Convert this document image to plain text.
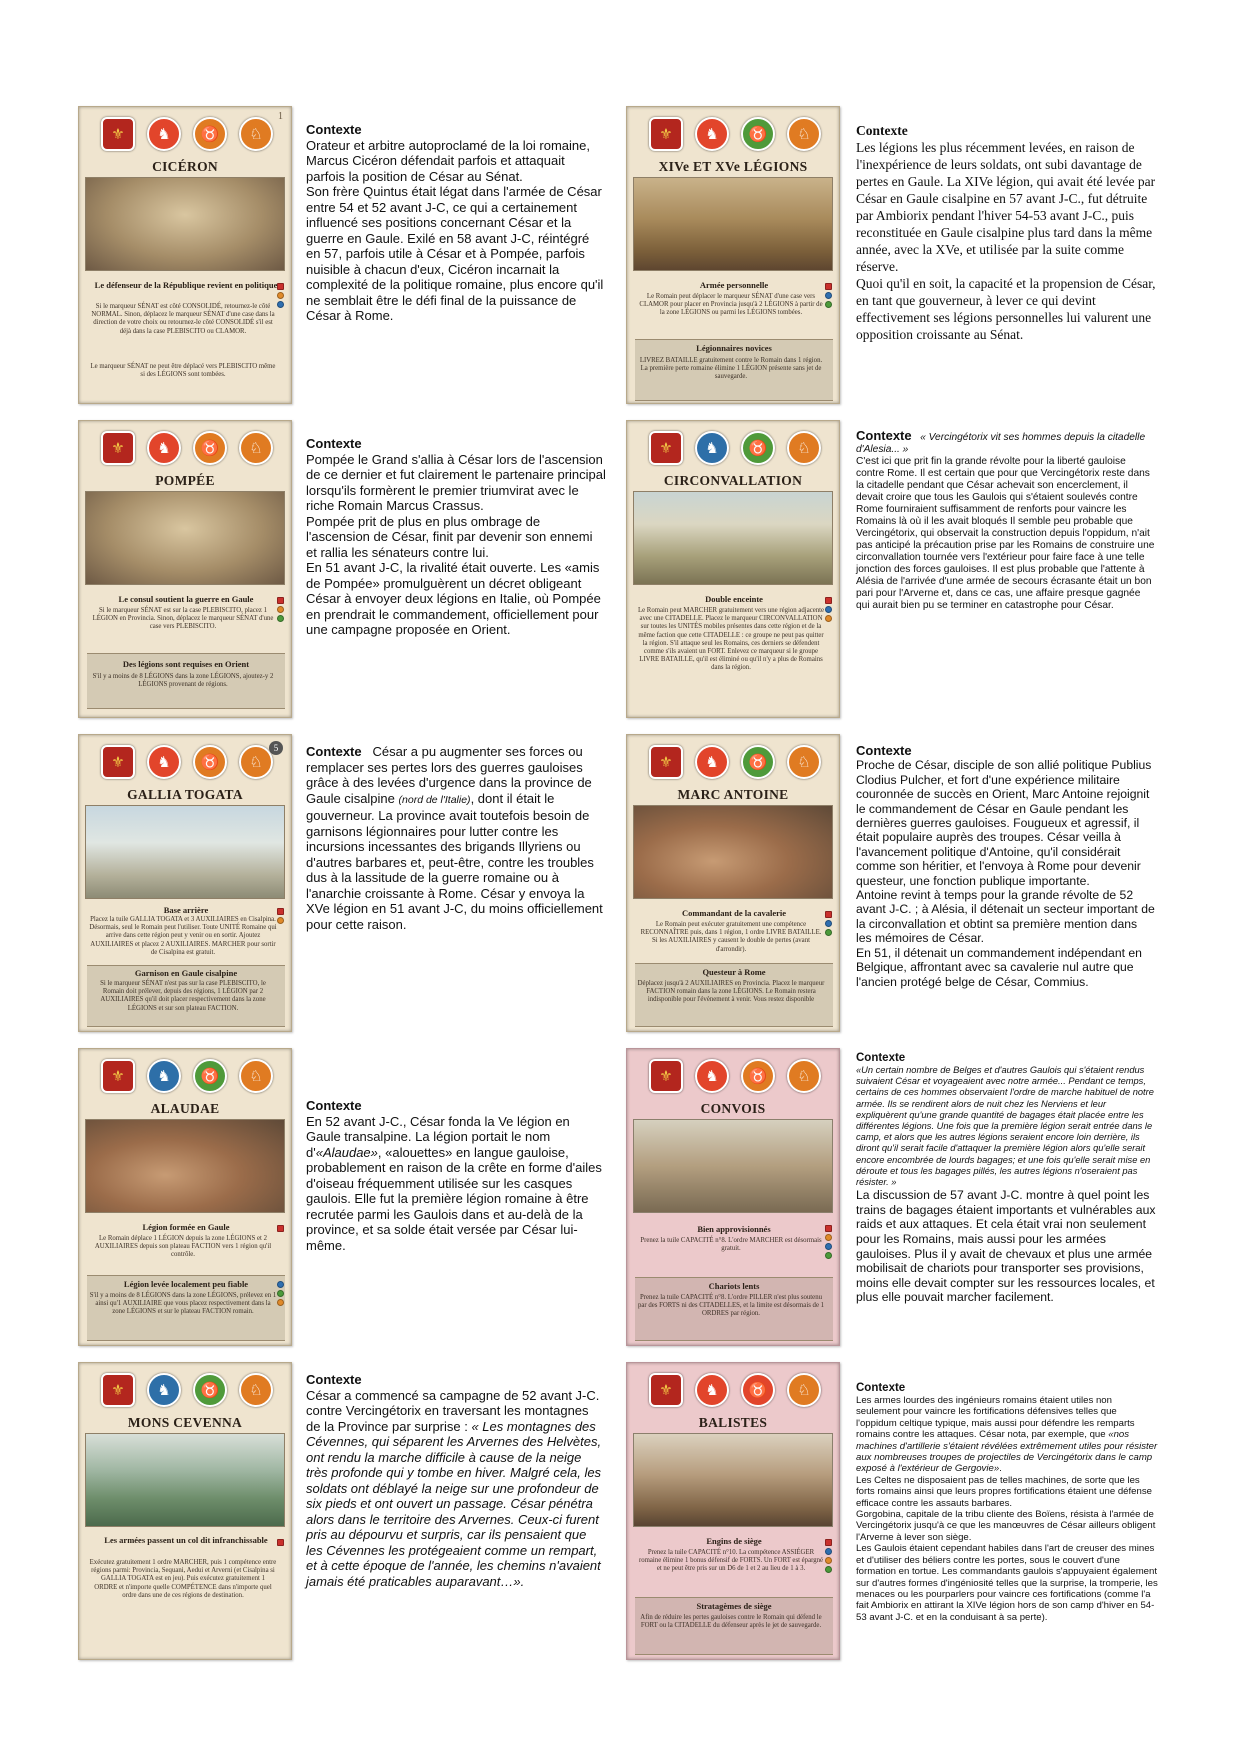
1
⚜	♞	♉	♘
CICÉRON
Le défenseur de la République revient en politique
Si le marqueur SÉNAT est côté CONSOLIDÉ, retournez-le côté NORMAL. Sinon, déplacez le marqueur SÉNAT d'une case dans la direction de votre choix ou retournez-le côté CONSOLIDÉ s'il est déjà dans la case PLEBISCITO ou CLAMOR.
Le marqueur SÉNAT ne peut être déplacé vers PLEBISCITO même si des LÉGIONS sont tombées.
Contexte
Orateur et arbitre autoproclamé de la loi romaine, Marcus Cicéron défendait parfois et attaquait parfois la position de César au Sénat.
Son frère Quintus était légat dans l'armée de César entre 54 et 52 avant J-C, ce qui a certainement influencé ses positions concernant César et la guerre en Gaule. Exilé en 58 avant J-C, réintégré en 57, parfois utile à César et à Pompée, parfois nuisible à chacun d'eux, Cicéron incarnait la complexité de la politique romaine, plus encore qu'il ne semblait être le défi final de la puissance de César à Rome.
⚜	♞	♉	♘
XIVe ET XVe LÉGIONS
Armée personnelle
Le Romain peut déplacer le marqueur SÉNAT d'une case vers CLAMOR pour placer en Provincia jusqu'à 2 LÉGIONS à partir de la zone LÉGIONS ou parmi les LÉGIONS tombées.
Légionnaires novices
LIVREZ BATAILLE gratuitement contre le Romain dans 1 région. La première perte romaine élimine 1 LÉGION présente sans jet de sauvegarde.
Contexte
Les légions les plus récemment levées, en raison de l'inexpérience de leurs soldats, ont subi davantage de pertes en Gaule. La XIVe légion, qui avait été levée par César en Gaule cisalpine en 57 avant J-C., fut détruite par Ambiorix pendant l'hiver 54-53 avant J-C., puis reconstituée en Gaule cisalpine plus tard dans la même année, avec la XVe, et utilisée par la suite comme réserve.
Quoi qu'il en soit, la capacité et la propension de César, en tant que gouverneur, à lever ce qui devint effectivement ses légions personnelles lui valurent une opposition croissante au Sénat.
⚜	♞	♉	♘
POMPÉE
Le consul soutient la guerre en Gaule
Si le marqueur SÉNAT est sur la case PLEBISCITO, placez 1 LÉGION en Provincia. Sinon, déplacez le marqueur SÉNAT d'une case vers PLEBISCITO.
Des légions sont requises en Orient
S'il y a moins de 8 LÉGIONS dans la zone LÉGIONS, ajoutez-y 2 LÉGIONS provenant de régions.
Contexte
Pompée le Grand s'allia à César lors de l'ascension de ce dernier et fut clairement le partenaire principal lorsqu'ils formèrent le premier triumvirat avec le riche Romain Marcus Crassus.
Pompée prit de plus en plus ombrage de l'ascension de César, finit par devenir son ennemi et rallia les sénateurs contre lui.
En 51 avant J-C, la rivalité était ouverte. Les «amis de Pompée» promulguèrent un décret obligeant César à envoyer deux légions en Italie, où Pompée en prendrait le commandement, officiellement pour une campagne proposée en Orient.
⚜	♞	♉	♘
CIRCONVALLATION
Double enceinte
Le Romain peut MARCHER gratuitement vers une région adjacente avec une CITADELLE. Placez le marqueur CIRCONVALLATION sur toutes les UNITÉS mobiles présentes dans cette région et de la même faction que cette CITADELLE : ce groupe ne peut pas quitter la région. S'il attaque seul les Romains, ces derniers se défendent comme s'ils avaient un FORT. Enlevez ce marqueur si le groupe LIVRE BATAILLE, qu'il est éliminé ou qu'il n'y a plus de Romains dans la région.
Contexte « Vercingétorix vit ses hommes depuis la citadelle d'Alesia... »
C'est ici que prit fin la grande révolte pour la liberté gauloise contre Rome. Il est certain que pour que Vercingétorix reste dans la citadelle pendant que César achevait son encerclement, il devait croire que tous les Gaulois qui s'étaient soulevés contre Rome fourniraient suffisamment de renforts pour vaincre les Romains là où il les avait bloqués Il semble peu probable que Vercingétorix, qui observait la construction depuis l'oppidum, n'ait pas anticipé la précaution prise par les Romains de construire une circonvallation tournée vers l'extérieur pour faire face à une telle jonction des forces gauloises. Il est plus probable que l'attente à Alésia de l'arrivée d'une armée de secours écrasante était un bon pari pour l'Arverne et, dans ce cas, une affaire presque gagnée qui aurait bien pu se terminer en catastrophe pour César.
5
⚜	♞	♉	♘
GALLIA TOGATA
Base arrière
Placez la tuile GALLIA TOGATA et 3 AUXILIAIRES en Cisalpina. Désormais, seul le Romain peut l'utiliser. Toute UNITÉ Romaine qui arrive dans cette région peut y venir ou en sortir. Ajoutez AUXILIAIRES et placez 2 AUXILIAIRES. MARCHER pour sortir de Cisalpina est gratuit.
Garnison en Gaule cisalpine
Si le marqueur SÉNAT n'est pas sur la case PLEBISCITO, le Romain doit prélever, depuis des régions, 1 LÉGION par 2 AUXILIAIRES qu'il doit placer respectivement dans la zone LÉGIONS et sur son plateau FACTION.
Contexte César a pu augmenter ses forces ou remplacer ses pertes lors des guerres gauloises grâce à des levées d'urgence dans la province de Gaule cisalpine (nord de l'Italie), dont il était le gouverneur. La province avait toutefois besoin de garnisons légionnaires pour lutter contre les incursions incessantes des brigands Illyriens ou d'autres barbares et, peut-être, contre les troubles dus à la lassitude de la guerre romaine ou à l'anarchie croissante à Rome. César y envoya la XVe légion en 51 avant J-C, du moins officiellement pour cette raison.
⚜	♞	♉	♘
MARC ANTOINE
Commandant de la cavalerie
Le Romain peut exécuter gratuitement une compétence RECONNAÎTRE puis, dans 1 région, 1 ordre LIVRE BATAILLE. Si les AUXILIAIRES y causent le double de pertes (avant d'arrondir).
Questeur à Rome
Déplacez jusqu'à 2 AUXILIAIRES en Provincia. Placez le marqueur FACTION romain dans la zone LÉGIONS. Le Romain restera indisponible pour l'évènement à venir. Vous restez disponible
Contexte
Proche de César, disciple de son allié politique Publius Clodius Pulcher, et fort d'une expérience militaire couronnée de succès en Orient, Marc Antoine rejoignit le commandement de César en Gaule pendant les dernières guerres gauloises. Fougueux et agressif, il était populaire auprès des troupes. César veilla à l'avancement politique d'Antoine, qu'il considérait comme son héritier, et l'envoya à Rome pour devenir questeur, une fonction publique importante.
Antoine revint à temps pour la grande révolte de 52 avant J-C. ; à Alésia, il détenait un secteur important de la circonvallation et obtint sa première mention dans les mémoires de César.
En 51, il détenait un commandement indépendant en Belgique, affrontant avec sa cavalerie nul autre que l'ancien protégé belge de César, Commius.
⚜	♞	♉	♘
ALAUDAE
Légion formée en Gaule
Le Romain déplace 1 LÉGION depuis la zone LÉGIONS et 2 AUXILIAIRES depuis son plateau FACTION vers 1 région qu'il contrôle.
Légion levée localement peu fiable
S'il y a moins de 8 LÉGIONS dans la zone LÉGIONS, prélevez en 1 ainsi qu'1 AUXILIAIRE que vous placez respectivement dans la zone LÉGIONS et sur le plateau FACTION romain.
Contexte
En 52 avant J-C., César fonda la Ve légion en Gaule transalpine. La légion portait le nom d'«Alaudae», «alouettes» en langue gauloise, probablement en raison de la crête en forme d'ailes d'oiseau fréquemment utilisée sur les casques gaulois. Elle fut la première légion romaine à être recrutée parmi les Gaulois dans et au-delà de la province, et sa solde était versée par César lui-même.
⚜	♞	♉	♘
CONVOIS
Bien approvisionnés
Prenez la tuile CAPACITÉ n°8. L'ordre MARCHER est désormais gratuit.
Chariots lents
Prenez la tuile CAPACITÉ n°8. L'ordre PILLER n'est plus soutenu par des FORTS ni des CITADELLES, et la limite est désormais de 1 ORDRES par région.
Contexte
«Un certain nombre de Belges et d'autres Gaulois qui s'étaient rendus suivaient César et voyageaient avec notre armée... Pendant ce temps, certains de ces hommes observaient l'ordre de marche habituel de notre armée. Ils se rendirent alors de nuit chez les Nerviens et leur expliquèrent qu'une grande quantité de bagages était placée entre les différentes légions. Une fois que la première légion serait entrée dans le camp, et alors que les autres légions seraient encore loin derrière, ils diront qu'il serait facile d'attaquer la première légion alors qu'elle serait encore encombrée de lourds bagages; et une fois qu'elle serait mise en déroute et tous les bagages pillés, les autres légions n'oseraient pas résister. »
La discussion de 57 avant J-C. montre à quel point les trains de bagages étaient importants et vulnérables aux raids et aux attaques. Et cela était vrai non seulement pour les Romains, mais aussi pour les armées gauloises. Plus il y avait de chevaux et plus une armée mobilisait de chariots pour transporter ses provisions, moins elle devait compter sur les ressources locales, et plus elle pouvait marcher facilement.
⚜	♞	♉	♘
MONS CEVENNA
Les armées passent un col dit infranchissable
Exécutez gratuitement 1 ordre MARCHER, puis 1 compétence entre régions parmi: Provincia, Sequani, Aedui et Arverni (et Cisalpina si GALLIA TOGATA est en jeu). Puis exécutez gratuitement 1 ORDRE et n'importe quelle COMPÉTENCE dans n'importe quel ordre dans une de ces régions de destination.
Contexte
César a commencé sa campagne de 52 avant J-C. contre Vercingétorix en traversant les montagnes de la Province par surprise : « Les montagnes des Cévennes, qui séparent les Arvernes des Helvètes, ont rendu la marche difficile à cause de la neige très profonde qui y tombe en hiver. Malgré cela, les soldats ont déblayé la neige sur une profondeur de six pieds et ont ouvert un passage. César pénétra alors dans le territoire des Arvernes. Ceux-ci furent pris au dépourvu et surpris, car ils pensaient que les Cévennes les protégeaient comme un rempart, et à cette époque de l'année, les chemins n'avaient jamais été praticables auparavant…».
⚜	♞	♉	♘
BALISTES
Engins de siège
Prenez la tuile CAPACITÉ n°10. La compétence ASSIÉGER romaine élimine 1 bonus défensif de FORTS. Un FORT est épargné et ne peut être pris sur un D6 de 1 et 2 au lieu de 1 à 3.
Stratagèmes de siège
Afin de réduire les pertes gauloises contre le Romain qui défend le FORT ou la CITADELLE du défenseur après le jet de sauvegarde.
Contexte
Les armes lourdes des ingénieurs romains étaient utiles non seulement pour vaincre les fortifications défensives telles que l'oppidum celtique typique, mais aussi pour défendre les remparts romains contre les attaques. César nota, par exemple, que «nos machines d'artillerie s'étaient révélées extrêmement utiles pour résister aux nombreuses troupes de projectiles de Vercingétorix dans le camp exposé à l'extérieur de Gergovie».
Les Celtes ne disposaient pas de telles machines, de sorte que les forts romains ainsi que leurs propres fortifications étaient une défense efficace contre les assauts barbares.
Gorgobina, capitale de la tribu cliente des Boïens, résista à l'armée de Vercingétorix jusqu'à ce que les manœuvres de César ailleurs obligent l'Arverne à lever son siège.
Les Gaulois étaient cependant habiles dans l'art de creuser des mines et d'utiliser des béliers contre les portes, sous le couvert d'une formation en tortue. Les commandants gaulois s'appuyaient également sur d'autres formes d'ingéniosité telles que la surprise, la tromperie, les menaces ou les pourparlers pour vaincre ces fortifications (comme l'a fait Ambiorix en attirant la XIVe légion hors de son camp d'hiver en 54-53 avant J-C. et en la conduisant à sa perte).
